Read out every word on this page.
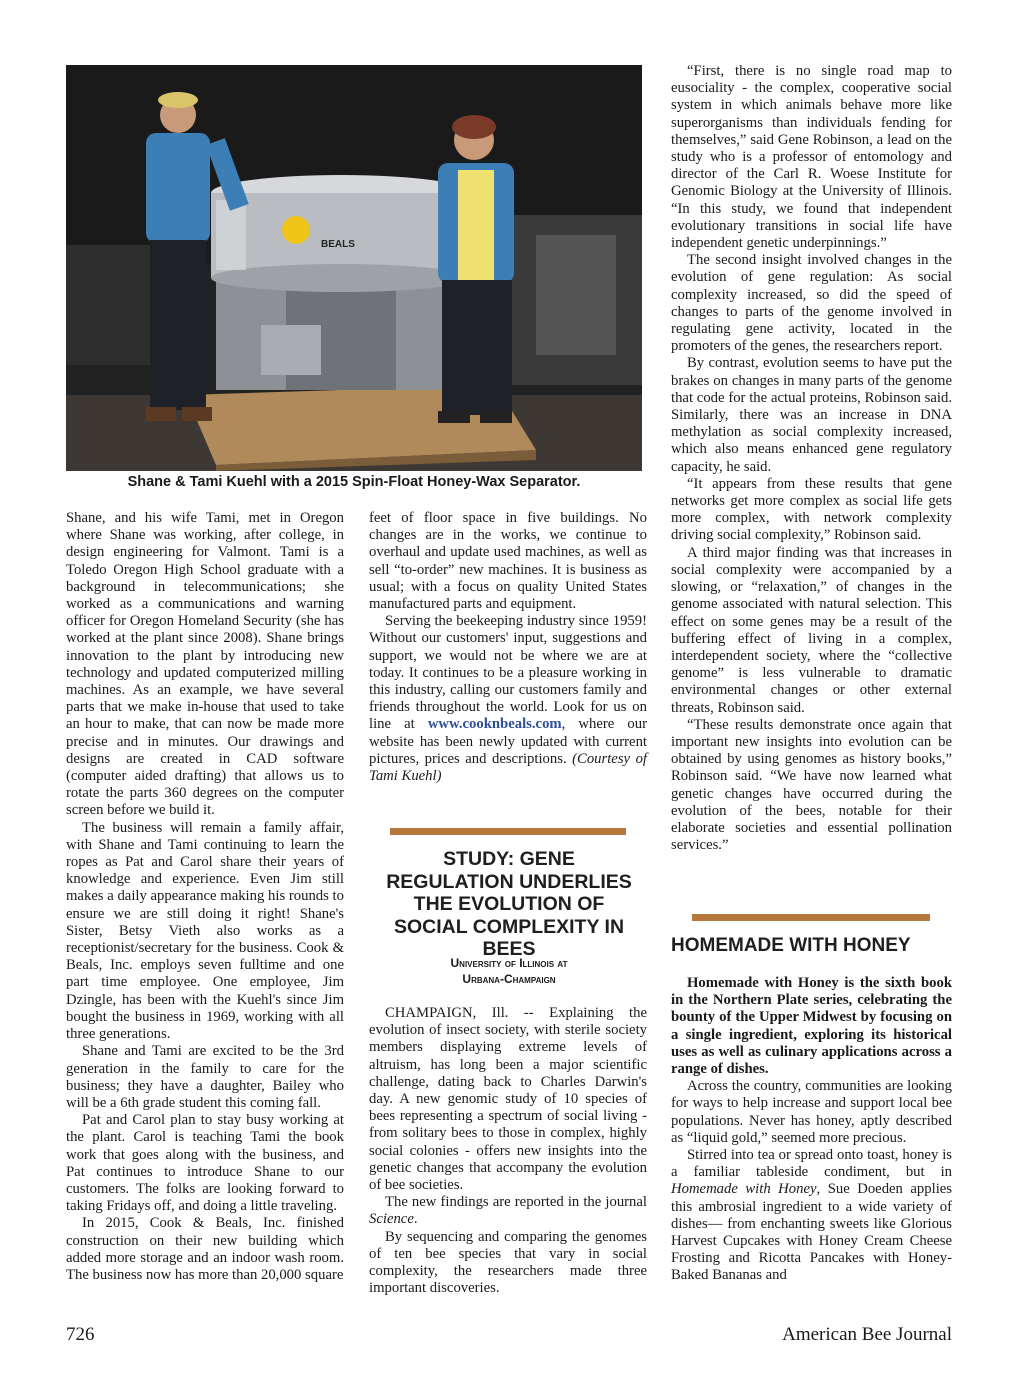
BEALS
Shane & Tami Kuehl with a 2015 Spin-Float Honey-Wax Separator.

Shane, and his wife Tami, met in Oregon where Shane was working, after college, in design engineering for Valmont. Tami is a Toledo Oregon High School graduate with a background in telecommunications; she worked as a communications and warning officer for Oregon Homeland Security (she has worked at the plant since 2008). Shane brings innovation to the plant by introducing new technology and updated computerized milling machines. As an example, we have several parts that we make in-house that used to take an hour to make, that can now be made more precise and in minutes. Our drawings and designs are created in CAD software (computer aided drafting) that allows us to rotate the parts 360 degrees on the computer screen before we build it.

The business will remain a family affair, with Shane and Tami continuing to learn the ropes as Pat and Carol share their years of knowledge and experience. Even Jim still makes a daily appearance making his rounds to ensure we are still doing it right! Shane's Sister, Betsy Vieth also works as a receptionist/secretary for the business. Cook & Beals, Inc. employs seven fulltime and one part time employee. One employee, Jim Dzingle, has been with the Kuehl's since Jim bought the business in 1969, working with all three generations.

Shane and Tami are excited to be the 3rd generation in the family to care for the business; they have a daughter, Bailey who will be a 6th grade student this coming fall.

Pat and Carol plan to stay busy working at the plant. Carol is teaching Tami the book work that goes along with the business, and Pat continues to introduce Shane to our customers. The folks are looking forward to taking Fridays off, and doing a little traveling.

In 2015, Cook & Beals, Inc. finished construction on their new building which added more storage and an indoor wash room. The business now has more than 20,000 square

feet of floor space in five buildings. No changes are in the works, we continue to overhaul and update used machines, as well as sell “to-order” new machines. It is business as usual; with a focus on quality United States manufactured parts and equipment.

Serving the beekeeping industry since 1959! Without our customers' input, suggestions and support, we would not be where we are at today. It continues to be a pleasure working in this industry, calling our customers family and friends throughout the world. Look for us on line at www.cooknbeals.com, where our website has been newly updated with current pictures, prices and descriptions. (Courtesy of Tami Kuehl)

STUDY: GENE REGULATION UNDERLIES THE EVOLUTION OF SOCIAL COMPLEXITY IN BEES
University of Illinois at
Urbana-Champaign

CHAMPAIGN, Ill. -- Explaining the evolution of insect society, with sterile society members displaying extreme levels of altruism, has long been a major scientific challenge, dating back to Charles Darwin's day. A new genomic study of 10 species of bees representing a spectrum of social living - from solitary bees to those in complex, highly social colonies - offers new insights into the genetic changes that accompany the evolution of bee societies.

The new findings are reported in the journal Science.

By sequencing and comparing the genomes of ten bee species that vary in social complexity, the researchers made three important discoveries.

“First, there is no single road map to eusociality - the complex, cooperative social system in which animals behave more like superorganisms than individuals fending for themselves,” said Gene Robinson, a lead on the study who is a professor of entomology and director of the Carl R. Woese Institute for Genomic Biology at the University of Illinois. “In this study, we found that independent evolutionary transitions in social life have independent genetic underpinnings.”

The second insight involved changes in the evolution of gene regulation: As social complexity increased, so did the speed of changes to parts of the genome involved in regulating gene activity, located in the promoters of the genes, the researchers report.

By contrast, evolution seems to have put the brakes on changes in many parts of the genome that code for the actual proteins, Robinson said. Similarly, there was an increase in DNA methylation as social complexity increased, which also means enhanced gene regulatory capacity, he said.

“It appears from these results that gene networks get more complex as social life gets more complex, with network complexity driving social complexity,” Robinson said.

A third major finding was that increases in social complexity were accompanied by a slowing, or “relaxation,” of changes in the genome associated with natural selection. This effect on some genes may be a result of the buffering effect of living in a complex, interdependent society, where the “collective genome” is less vulnerable to dramatic environmental changes or other external threats, Robinson said.

“These results demonstrate once again that important new insights into evolution can be obtained by using genomes as history books,” Robinson said. “We have now learned what genetic changes have occurred during the evolution of the bees, notable for their elaborate societies and essential pollination services.”

HOMEMADE WITH HONEY

Homemade with Honey is the sixth book in the Northern Plate series, celebrating the bounty of the Upper Midwest by focusing on a single ingredient, exploring its historical uses as well as culinary applications across a range of dishes.

Across the country, communities are looking for ways to help increase and support local bee populations. Never has honey, aptly described as “liquid gold,” seemed more precious.

Stirred into tea or spread onto toast, honey is a familiar tableside condiment, but in Homemade with Honey, Sue Doeden applies this ambrosial ingredient to a wide variety of dishes— from enchanting sweets like Glorious Harvest Cupcakes with Honey Cream Cheese Frosting and Ricotta Pancakes with Honey- Baked Bananas and

726	American Bee Journal
